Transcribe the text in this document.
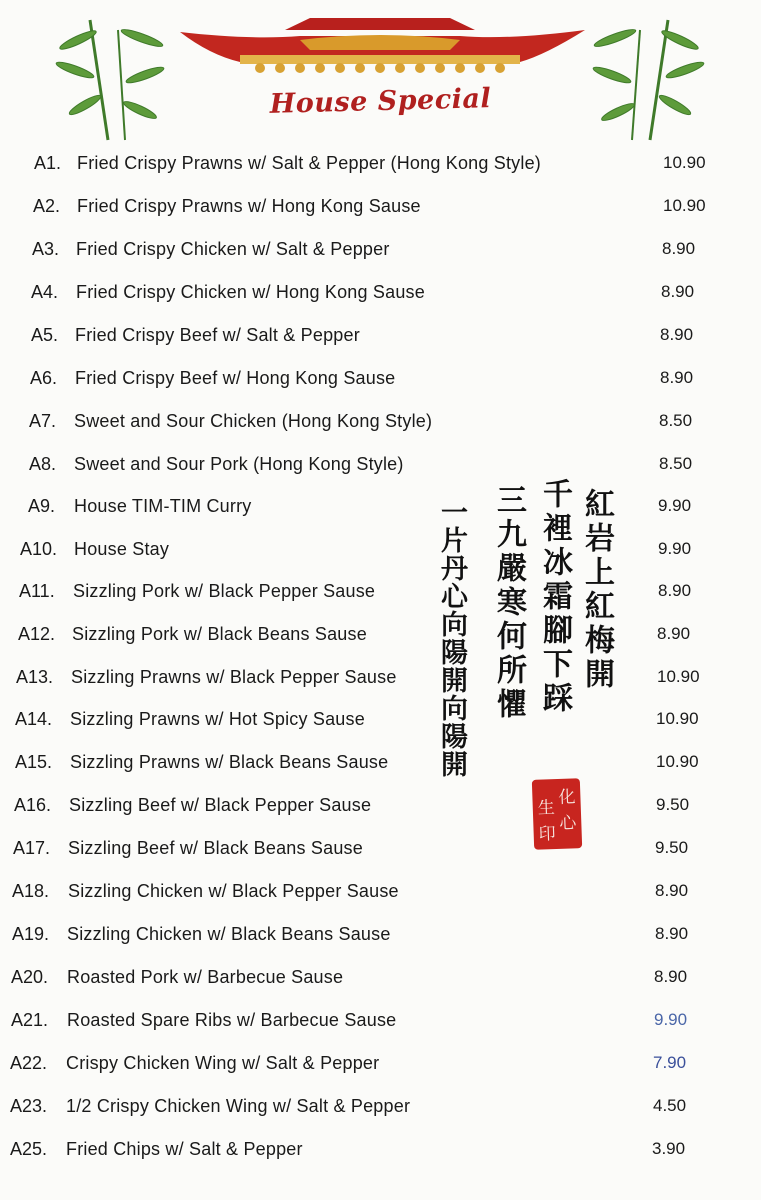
House Special
A1. Fried Crispy Prawns w/ Salt & Pepper (Hong Kong Style)	10.90
A2. Fried Crispy Prawns w/ Hong Kong Sause	10.90
A3. Fried Crispy Chicken w/ Salt & Pepper	8.90
A4. Fried Crispy Chicken w/ Hong Kong Sause	8.90
A5. Fried Crispy Beef w/ Salt & Pepper	8.90
A6. Fried Crispy Beef w/ Hong Kong Sause	8.90
A7. Sweet and Sour Chicken (Hong Kong Style)	8.50
A8. Sweet and Sour Pork (Hong Kong Style)	8.50
A9. House TIM-TIM Curry	9.90
A10. House Stay	9.90
A11. Sizzling Pork w/ Black Pepper Sause	8.90
A12. Sizzling Pork w/ Black Beans Sause	8.90
A13. Sizzling Prawns w/ Black Pepper Sause	10.90
A14. Sizzling Prawns w/ Hot Spicy Sause	10.90
A15. Sizzling Prawns w/ Black Beans Sause	10.90
A16. Sizzling Beef w/ Black Pepper Sause	9.50
A17. Sizzling Beef w/ Black Beans Sause	9.50
A18. Sizzling Chicken w/ Black Pepper Sause	8.90
A19. Sizzling Chicken w/ Black Beans Sause	8.90
A20. Roasted Pork w/ Barbecue Sause	8.90
A21. Roasted Spare Ribs w/ Barbecue Sause	9.90
A22. Crispy Chicken Wing w/ Salt & Pepper	7.90
A23. 1/2 Crispy Chicken Wing w/ Salt & Pepper	4.50
A25. Fried Chips w/ Salt & Pepper	3.90
紅岩上紅梅開
千裡冰霜腳下踩
三九嚴寒何所懼
一片丹心向陽開向陽開
化
心
生
印
